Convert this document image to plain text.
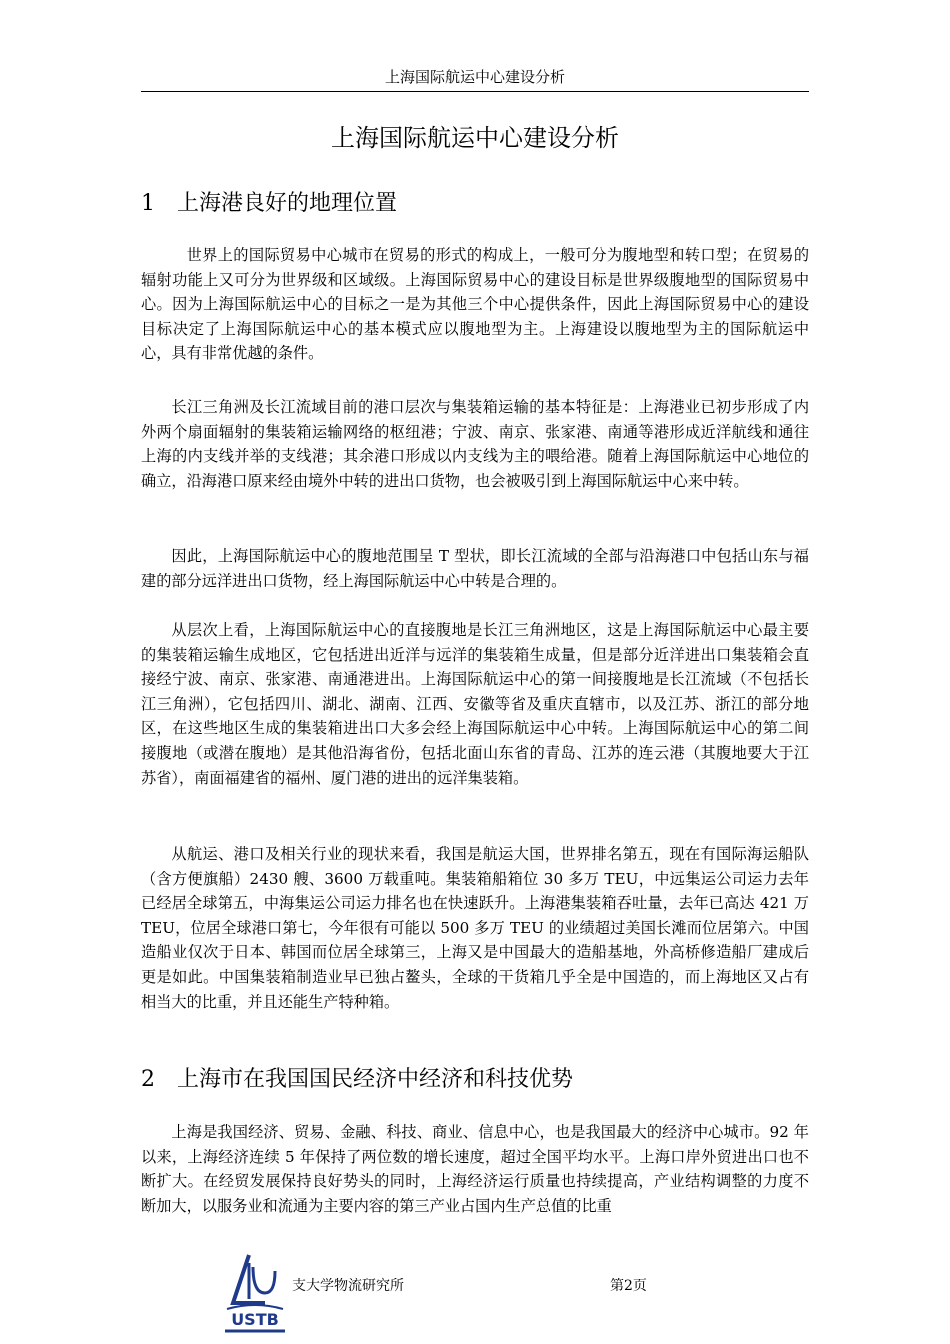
上海国际航运中心建设分析
上海国际航运中心建设分析
1 上海港良好的地理位置

世界上的国际贸易中心城市在贸易的形式的构成上，一般可分为腹地型和转口型；在贸易的辐射功能上又可分为世界级和区域级。上海国际贸易中心的建设目标是世界级腹地型的国际贸易中心。因为上海国际航运中心的目标之一是为其他三个中心提供条件，因此上海国际贸易中心的建设目标决定了上海国际航运中心的基本模式应以腹地型为主。上海建设以腹地型为主的国际航运中心，具有非常优越的条件。

长江三角洲及长江流域目前的港口层次与集装箱运输的基本特征是：上海港业已初步形成了内外两个扇面辐射的集装箱运输网络的枢纽港；宁波、南京、张家港、南通等港形成近洋航线和通往上海的内支线并举的支线港；其余港口形成以内支线为主的喂给港。随着上海国际航运中心地位的确立，沿海港口原来经由境外中转的进出口货物，也会被吸引到上海国际航运中心来中转。

因此，上海国际航运中心的腹地范围呈 T 型状，即长江流域的全部与沿海港口中包括山东与福建的部分远洋进出口货物，经上海国际航运中心中转是合理的。

从层次上看，上海国际航运中心的直接腹地是长江三角洲地区，这是上海国际航运中心最主要的集装箱运输生成地区，它包括进出近洋与远洋的集装箱生成量，但是部分近洋进出口集装箱会直接经宁波、南京、张家港、南通港进出。上海国际航运中心的第一间接腹地是长江流域（不包括长江三角洲），它包括四川、湖北、湖南、江西、安徽等省及重庆直辖市，以及江苏、浙江的部分地区，在这些地区生成的集装箱进出口大多会经上海国际航运中心中转。上海国际航运中心的第二间接腹地（或潜在腹地）是其他沿海省份，包括北面山东省的青岛、江苏的连云港（其腹地要大于江苏省），南面福建省的福州、厦门港的进出的远洋集装箱。

从航运、港口及相关行业的现状来看，我国是航运大国，世界排名第五，现在有国际海运船队（含方便旗船）2430 艘、3600 万载重吨。集装箱船箱位 30 多万 TEU，中远集运公司运力去年已经居全球第五，中海集运公司运力排名也在快速跃升。上海港集装箱吞吐量，去年已高达 421 万 TEU，位居全球港口第七，今年很有可能以 500 多万 TEU 的业绩超过美国长滩而位居第六。中国造船业仅次于日本、韩国而位居全球第三，上海又是中国最大的造船基地，外高桥修造船厂建成后更是如此。中国集装箱制造业早已独占鳌头，全球的干货箱几乎全是中国造的，而上海地区又占有相当大的比重，并且还能生产特种箱。

2 上海市在我国国民经济中经济和科技优势

上海是我国经济、贸易、金融、科技、商业、信息中心，也是我国最大的经济中心城市。92 年以来，上海经济连续 5 年保持了两位数的增长速度，超过全国平均水平。上海口岸外贸进出口也不断扩大。在经贸发展保持良好势头的同时，上海经济运行质量也持续提高，产业结构调整的力度不断加大，以服务业和流通为主要内容的第三产业占国内生产总值的比重

USTB
支大学物流研究所	第2页
